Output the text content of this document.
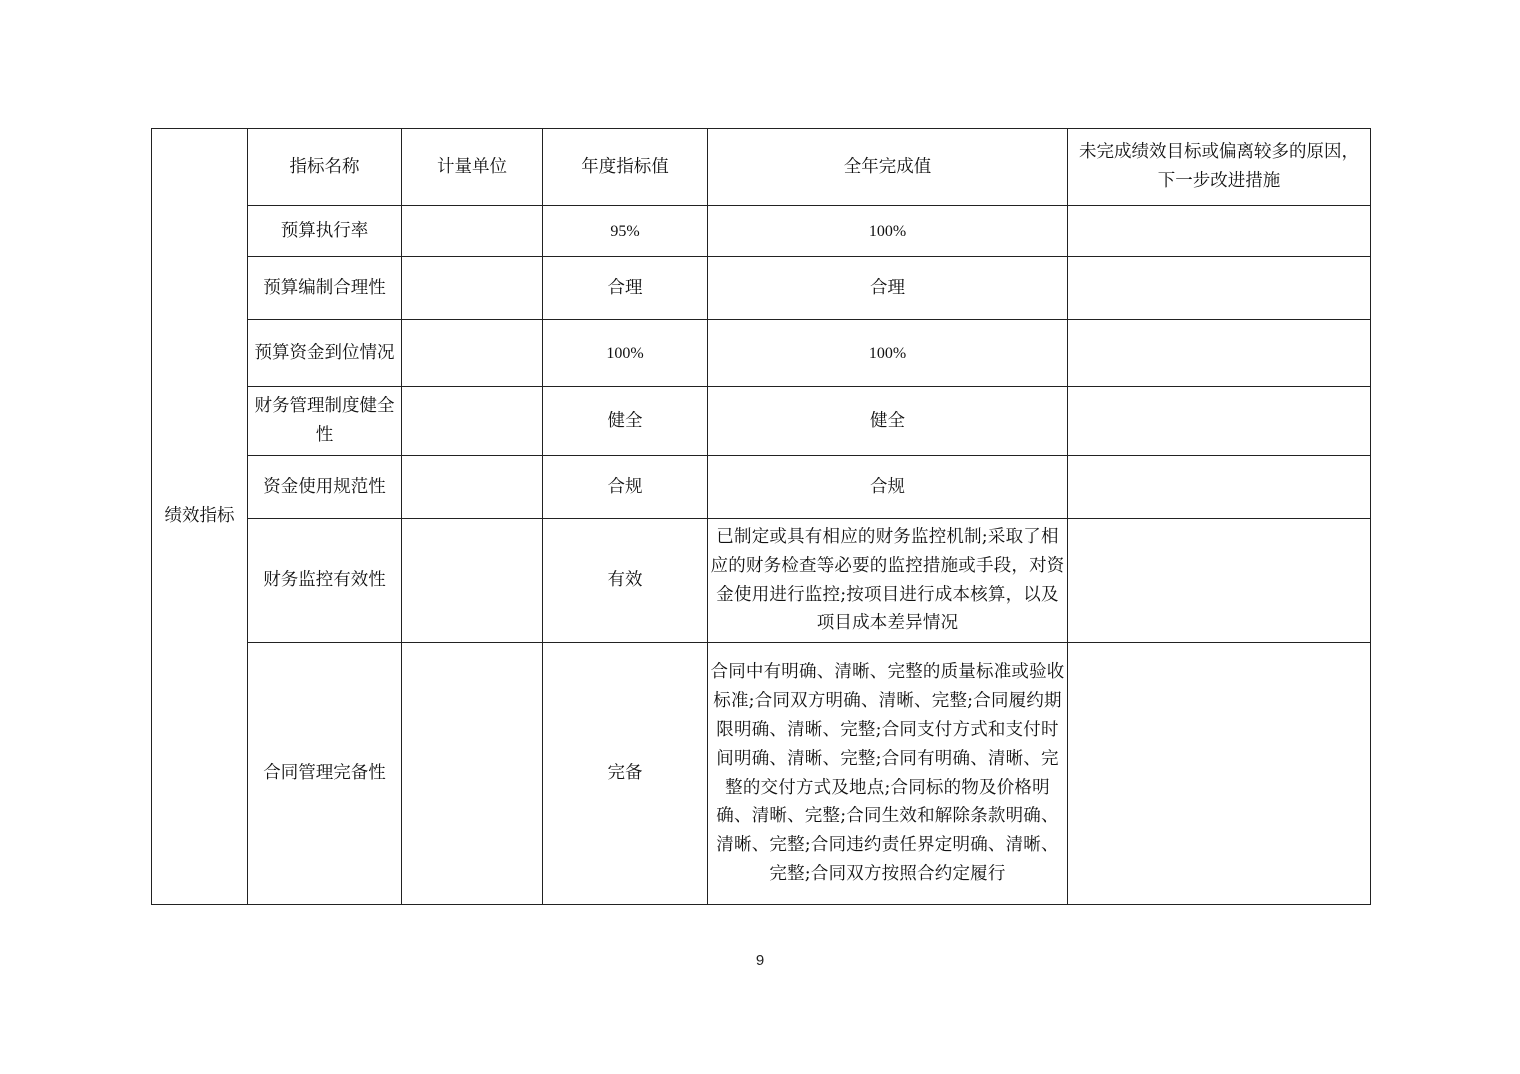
绩效指标	指标名称	计量单位	年度指标值	全年完成值	未完成绩效目标或偏离较多的原因，下一步改进措施
	预算执行率		95%	100%	
	预算编制合理性		合理	合理	
	预算资金到位情况		100%	100%	
	财务管理制度健全性		健全	健全	
	资金使用规范性		合规	合规	
	财务监控有效性		有效	已制定或具有相应的财务监控机制;采取了相应的财务检查等必要的监控措施或手段，对资金使用进行监控;按项目进行成本核算，以及项目成本差异情况	
	合同管理完备性		完备	合同中有明确、清晰、完整的质量标准或验收标准;合同双方明确、清晰、完整;合同履约期限明确、清晰、完整;合同支付方式和支付时间明确、清晰、完整;合同有明确、清晰、完整的交付方式及地点;合同标的物及价格明确、清晰、完整;合同生效和解除条款明确、清晰、完整;合同违约责任界定明确、清晰、完整;合同双方按照合约定履行	
9
